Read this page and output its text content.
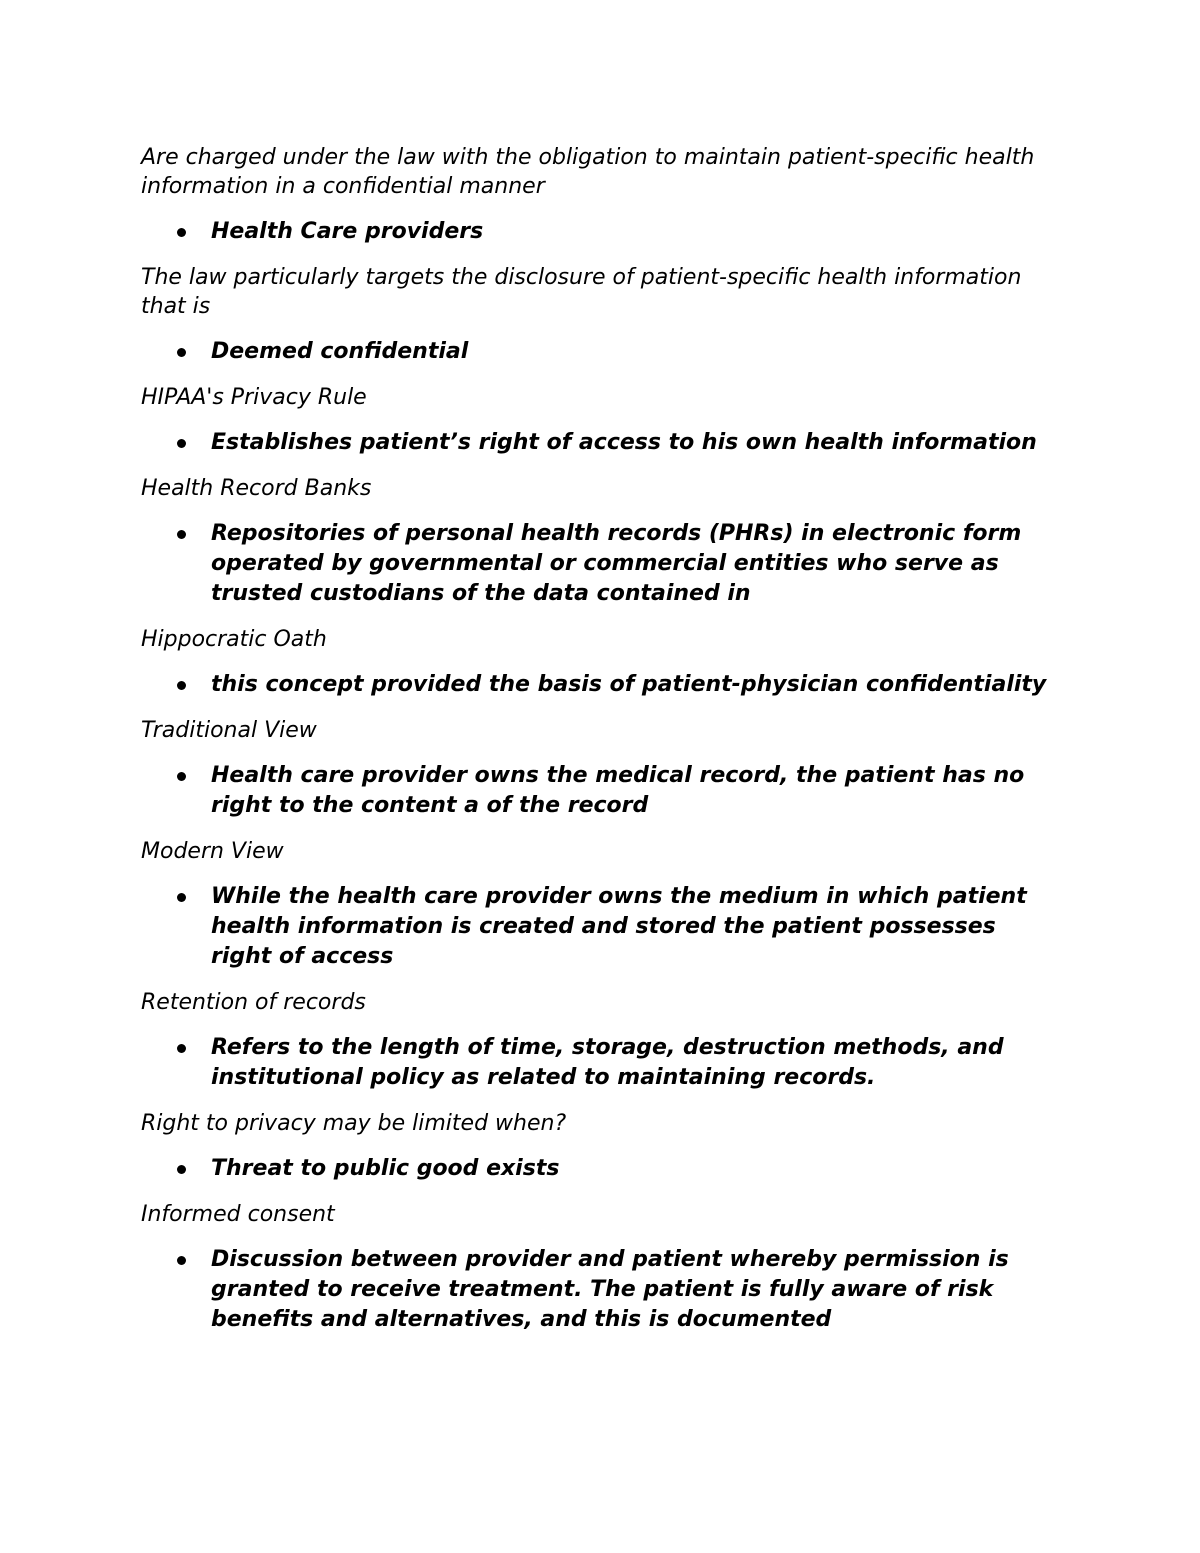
Are charged under the law with the obligation to maintain patient-specific health information in a confidential manner

Health Care providers

The law particularly targets the disclosure of patient-specific health information that is

Deemed confidential

HIPAA's Privacy Rule

Establishes patient’s right of access to his own health information

Health Record Banks

Repositories of personal health records (PHRs) in electronic form operated by governmental or commercial entities who serve as trusted custodians of the data contained in

Hippocratic Oath

this concept provided the basis of patient-physician confidentiality

Traditional View

Health care provider owns the medical record, the patient has no right to the content a of the record

Modern View

While the health care provider owns the medium in which patient health information is created and stored the patient possesses right of access

Retention of records

Refers to the length of time, storage, destruction methods, and institutional policy as related to maintaining records.

Right to privacy may be limited when?

Threat to public good exists

Informed consent

Discussion between provider and patient whereby permission is granted to receive treatment. The patient is fully aware of risk benefits and alternatives, and this is documented
